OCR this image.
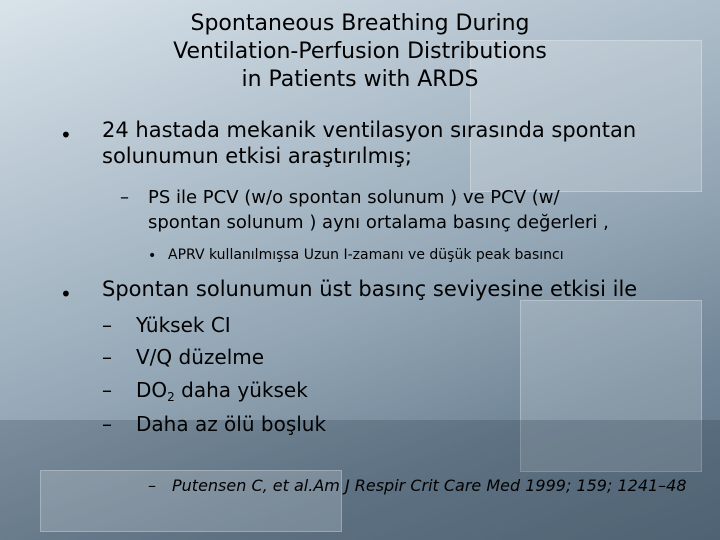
Spontaneous Breathing During
Ventilation-Perfusion Distributions
in Patients with ARDS
• 24 hastada mekanik ventilasyon sırasında spontan
solunumun etkisi araştırılmış;
– PS ile PCV (w/o spontan solunum ) ve PCV (w/
spontan solunum ) aynı ortalama basınç değerleri ,
• APRV kullanılmışsa Uzun I-zamanı ve düşük peak basıncı
• Spontan solunumun üst basınç seviyesine etkisi ile
– Yüksek CI
– V/Q düzelme
– $DO_2$ daha yüksek
– Daha az ölü boşluk
– Putensen C, et al.Am J Respir Crit Care Med 1999; 159; 1241–48
